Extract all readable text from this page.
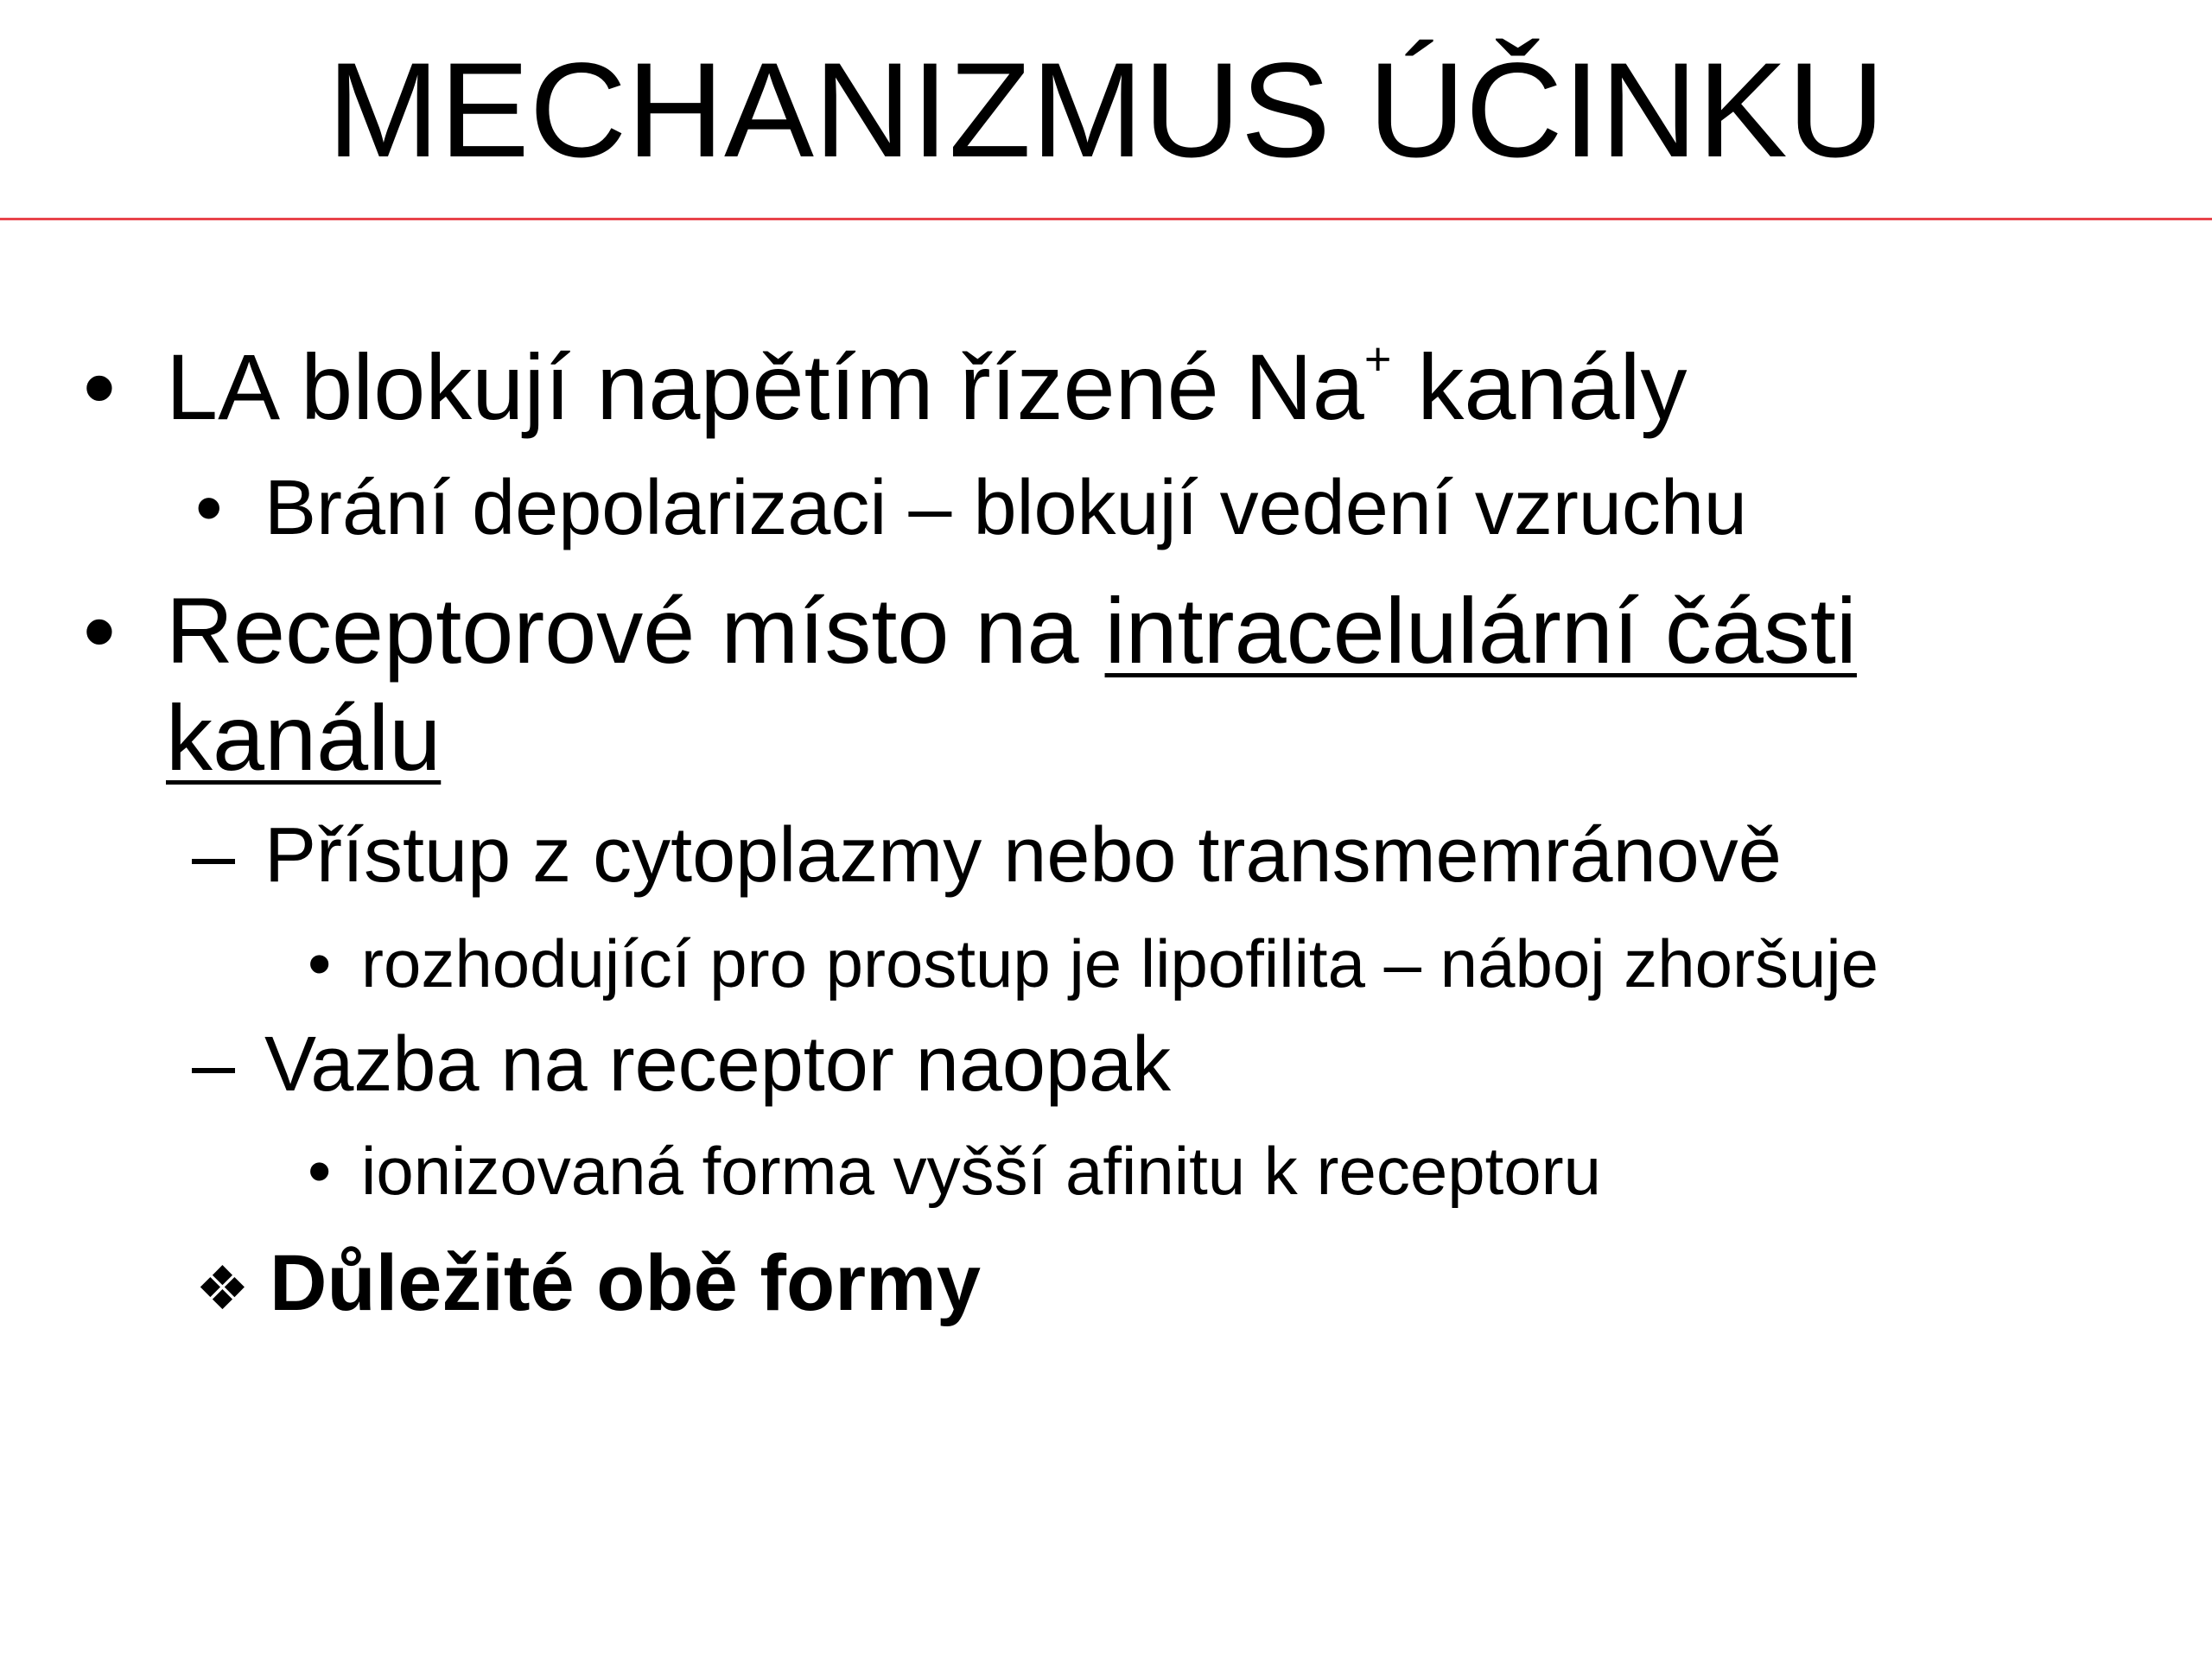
MECHANIZMUS ÚČINKU
• LA blokují napětím řízené Na+ kanály
• Brání depolarizaci – blokují vedení vzruchu
• Receptorové místo na intracelulární části
kanálu
– Přístup z cytoplazmy nebo transmemránově
• rozhodující pro prostup je lipofilita – náboj zhoršuje
– Vazba na receptor naopak
• ionizovaná forma vyšší afinitu k receptoru
❖ Důležité obě formy
